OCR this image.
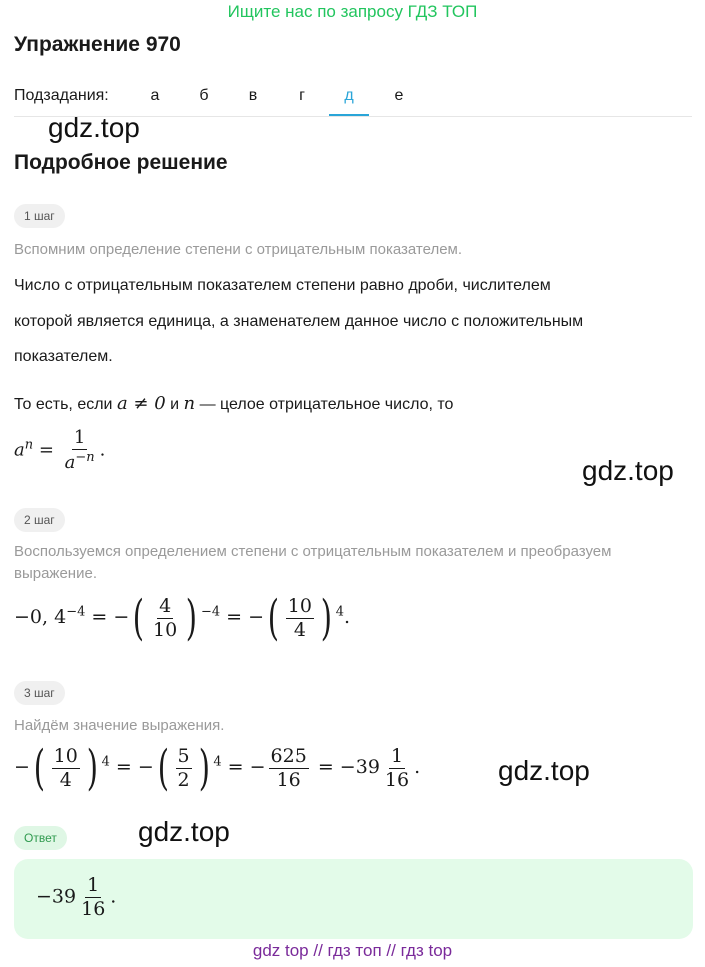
Ищите нас по запросу ГДЗ ТОП
Упражнение 970
Подзадания:	а	б	в	г	д	е
gdz.top
Подробное решение
1 шаг
Вспомним определение степени с отрицательным показателем.
Число с отрицательным показателем степени равно дроби, числителем
которой является единица, а знаменателем данное число с положительным
показателем.
То есть, если a ≠ 0 и n — целое отрицательное число, то
$a^n = \frac{1}{a^{-n}}$ .
gdz.top
2 шаг
Воспользуемся определением степени с отрицательным показателем и преобразуем выражение.
−0, $4^{-4}$ = −( $\frac{4}{10}$ ) $^{-4}$ = −( $\frac{10}{4}$ ) $^4$.
3 шаг
Найдём значение выражения.
−( $\frac{10}{4}$ ) $^4$ = −( $\frac{5}{2}$ ) $^4$ = − $\frac{625}{16} = -39 \frac{1}{16}$ .	gdz.top
Ответ	gdz.top
$-39 \frac{1}{16}$ .
gdz top // гдз топ // гдз top
